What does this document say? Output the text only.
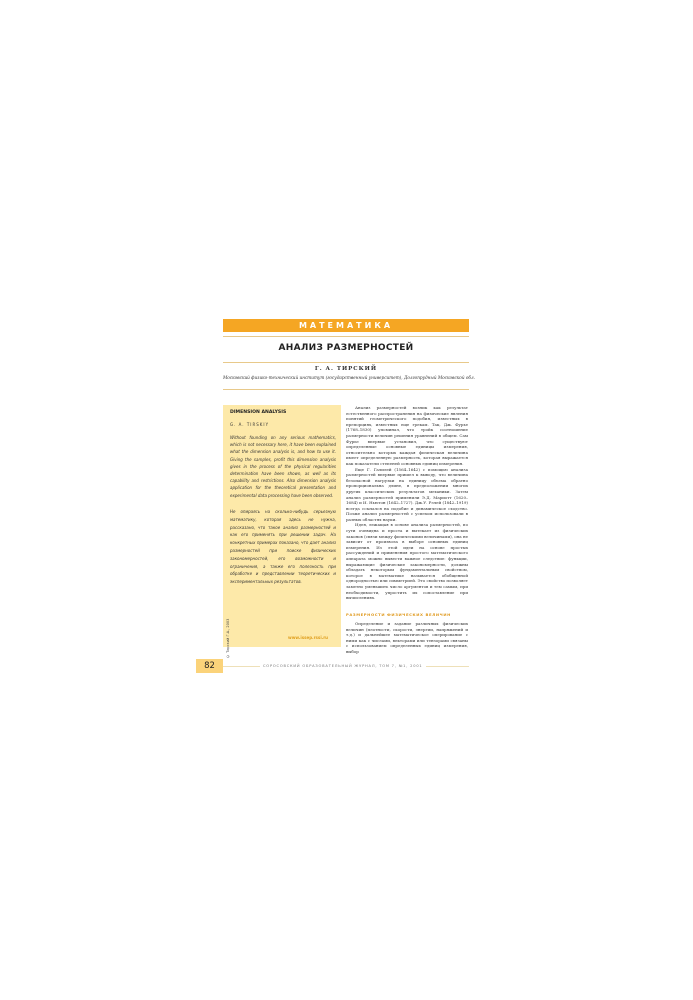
МАТЕМАТИКА
АНАЛИЗ РАЗМЕРНОСТЕЙ
Г. А. ТИРСКИЙ
Московский физико-технический институт (государственный университет), Долгопрудный Московской обл.
DIMENSION ANALYSIS
G. A. TIRSKIY
Without founding on any serious mathematics, which is not necessary here, it have been explained what the dimension analysis is, and how to use it. Giving the samples, profit this dimension analysis gives in the process of the physical regularities determination have been shown, as well as its capability and restrictions. Also dimension analysis application for the theoretical presentation and experimental data processing have been observed.
Не опираясь на сколько-нибудь серьезную математику, которая здесь не нужна, рассказано, что такое анализ размерностей и как его применять при решении задач. На конкретных примерах показано, что дает анализ размерностей при поиске физических закономерностей, его возможности и ограничения, а также его полезность при обработке и представлении теоретических и экспериментальных результатов.
© Тирский Г.А., 2003	www.issep.rssi.ru

Анализ размерностей возник как результат естественного распространения на физические явления понятий геометрического подобия, известных в препорциях, известных еще грекам. Так, Дж. Фурье (1768–1830) упоминал, что тройк соотношение размерности величин решения уравнений в общем. Сам Фурье впервые установил, что существуют определенные основные единицы измерения, относительно которых каждая физическая величина имеет определенную размерность, которая выражается как показатели степеней основных единиц измерения.

Еще Г. Галилей (1564–1642) с помощью анализа размерностей впервые пришел к выводу, что величина безопасной нагрузки на единицу объема обратно пропорциональна длине, в предположении многих других классических результатов механики. Затем анализ размерностей применили Э.Д. Мариотт (1620–1684) и И. Ньютон (1642–1727). Дж.У. Рэлей (1842–1919) всегда ссылался на подобие и динамическое сходство. Позже анализ размерностей с успехом использовали в разных областях науки.

Идея, лежащая в основе анализа размерностей, по сути очевидна и проста и вытекает из физических законов (связи между физическими величинами), она не зависит от произвола в выборе основных единиц измерения. Из этой идеи на основе простых рассуждений и применения простого математического аппарата можно вывести важное следствие: функции, выражающие физические закономерности, должны обладать некоторым фундаментальным свойством, которое в математике называется обобщенной однородностью или симметрией. Это свойство позволяет заметно уменьшить число аргументов и тем самым, при необходимости, упростить их сопоставление при вычислениях.

РАЗМЕРНОСТИ ФИЗИЧЕСКИХ ВЕЛИЧИН

Определение и задание различных физических величин (плотности, скорости, энергии, напряжений и т.д.) и дальнейшее математическое оперирование с ними как с числами, векторами или тензорами связаны с использованием определенных единиц измерения, выбор

82	СОРОСОВСКИЙ ОБРАЗОВАТЕЛЬНЫЙ ЖУРНАЛ, ТОМ 7, №1, 2001
